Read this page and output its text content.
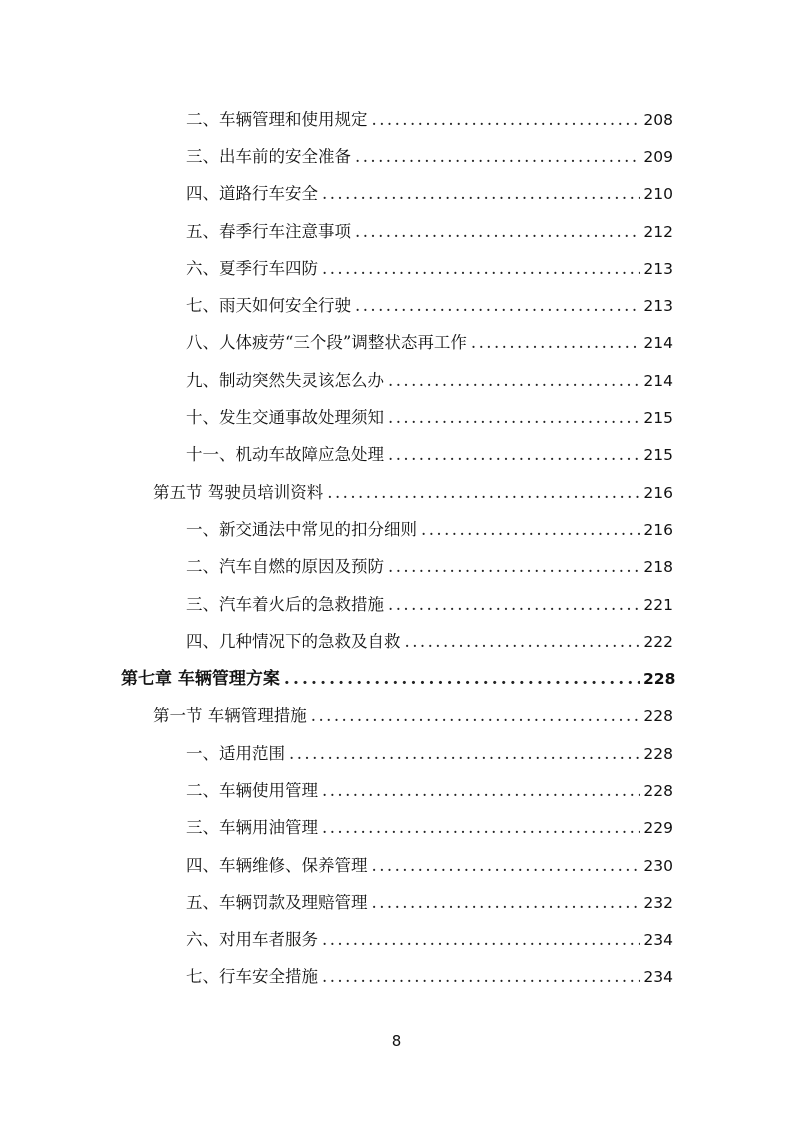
二、车辆管理和使用规定 . . .	208
三、出车前的安全准备 . . .	209
四、道路行车安全 . . .	210
五、春季行车注意事项 . . .	212
六、夏季行车四防 . . .	213
七、雨天如何安全行驶 . . .	213
八、人体疲劳“三个段”调整状态再工作 . . .	214
九、制动突然失灵该怎么办 . . .	214
十、发生交通事故处理须知 . . .	215
十一、机动车故障应急处理 . . .	215
第五节 驾驶员培训资料 . . .	216
一、新交通法中常见的扣分细则 . . .	216
二、汽车自燃的原因及预防 . . .	218
三、汽车着火后的急救措施 . . .	221
四、几种情况下的急救及自救 . . .	222
第七章 车辆管理方案 . . .	228
第一节 车辆管理措施 . . .	228
一、适用范围 . . .	228
二、车辆使用管理 . . .	228
三、车辆用油管理 . . .	229
四、车辆维修、保养管理 . . .	230
五、车辆罚款及理赔管理 . . .	232
六、对用车者服务 . . .	234
七、行车安全措施 . . .	234
8
